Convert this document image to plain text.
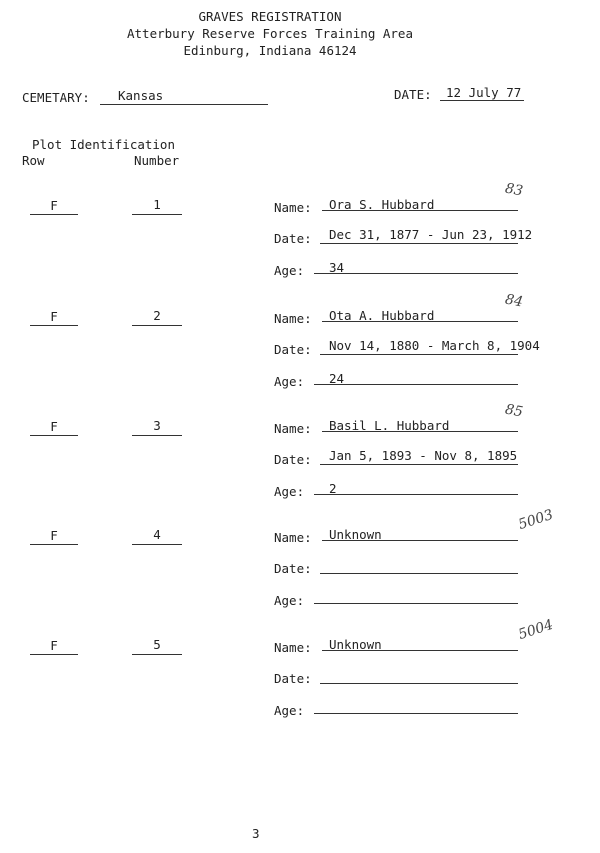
GRAVES REGISTRATION
Atterbury Reserve Forces Training Area
Edinburg, Indiana 46124
CEMETARY: Kansas	DATE: 12 July 77
Plot Identification
Row	Number
F	1	Name: Ora S. Hubbard
83
Date: Dec 31, 1877 - Jun 23, 1912
Age: 34
F	2	Name: Ota A. Hubbard
84
Date: Nov 14, 1880 - March 8, 1904
Age: 24
F	3	Name: Basil L. Hubbard
85
Date: Jan 5, 1893 - Nov 8, 1895
Age: 2
F	4	Name: Unknown
5003
Date:
Age:
F	5	Name: Unknown
5004
Date:
Age:
3
